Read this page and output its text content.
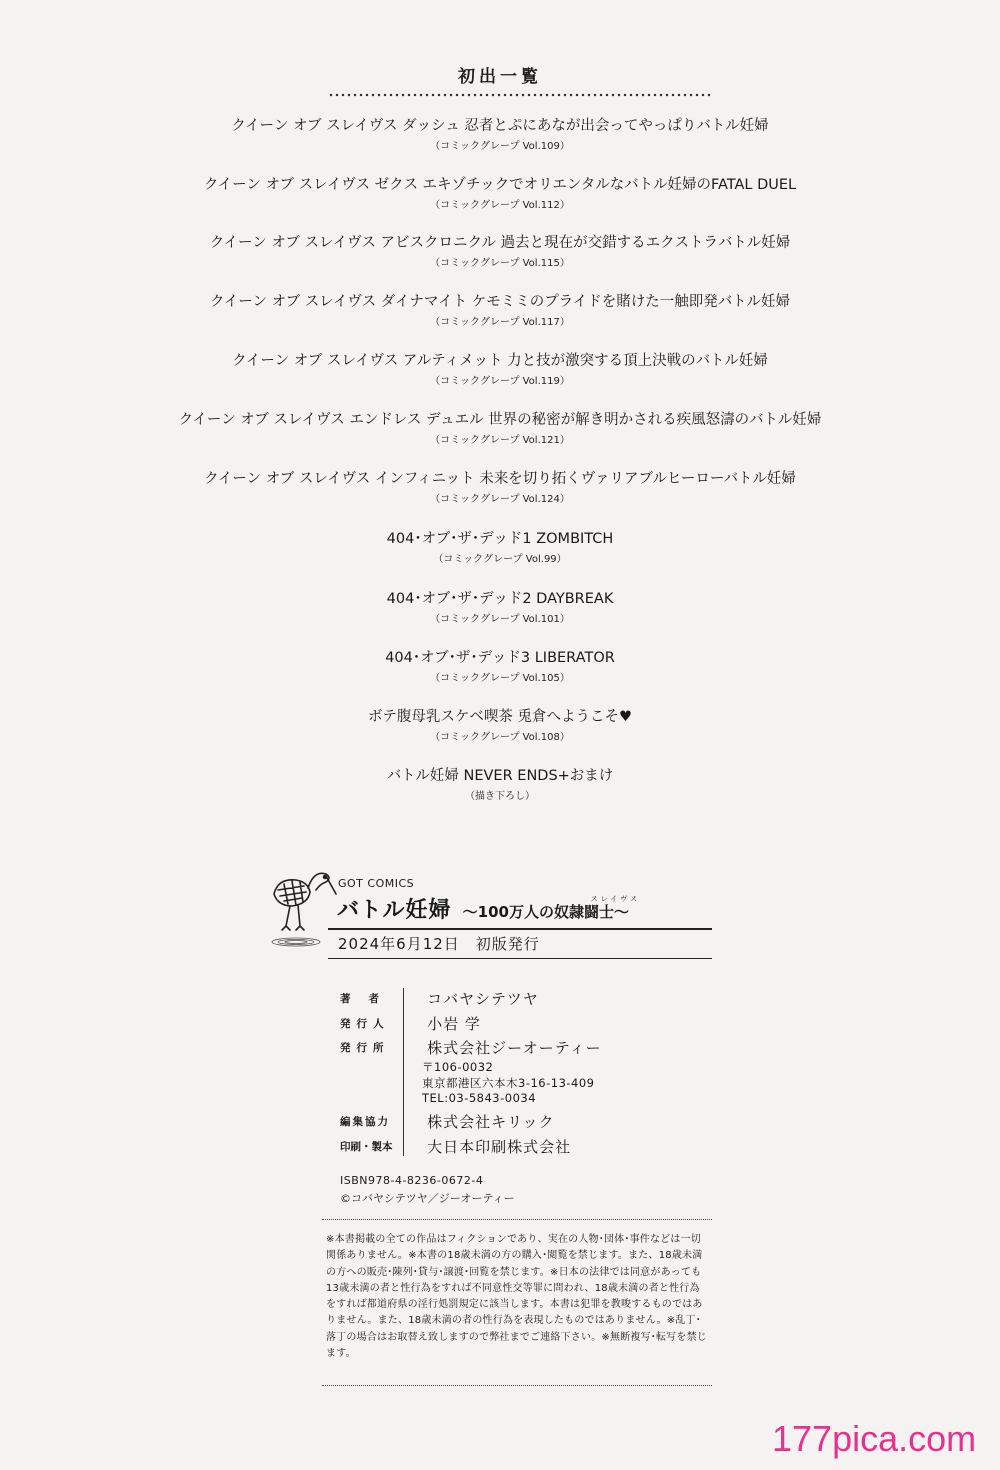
初出一覧
クイーン オブ スレイヴス ダッシュ 忍者とぷにあなが出会ってやっぱりバトル妊婦
（コミックグレープ Vol.109）
クイーン オブ スレイヴス ゼクス エキゾチックでオリエンタルなバトル妊婦のFATAL DUEL
（コミックグレープ Vol.112）
クイーン オブ スレイヴス アビスクロニクル 過去と現在が交錯するエクストラバトル妊婦
（コミックグレープ Vol.115）
クイーン オブ スレイヴス ダイナマイト ケモミミのプライドを賭けた一触即発バトル妊婦
（コミックグレープ Vol.117）
クイーン オブ スレイヴス アルティメット 力と技が激突する頂上決戦のバトル妊婦
（コミックグレープ Vol.119）
クイーン オブ スレイヴス エンドレス デュエル 世界の秘密が解き明かされる疾風怒濤のバトル妊婦
（コミックグレープ Vol.121）
クイーン オブ スレイヴス インフィニット 未来を切り拓くヴァリアブルヒーローバトル妊婦
（コミックグレープ Vol.124）
404･オブ･ザ･デッド1 ZOMBITCH
（コミックグレープ Vol.99）
404･オブ･ザ･デッド2 DAYBREAK
（コミックグレープ Vol.101）
404･オブ･ザ･デッド3 LIBERATOR
（コミックグレープ Vol.105）
ボテ腹母乳スケベ喫茶 兎倉へようこそ♥
（コミックグレープ Vol.108）
バトル妊婦 NEVER ENDS+おまけ
（描き下ろし）
GOT COMICS
バトル妊婦	スレイヴス
～100万人の奴隷闘士～
2024年6月12日　初版発行
著者 コバヤシテツヤ
発行人	小岩 学
発行所	株式会社ジーオーティー
〒106-0032
東京都港区六本木3-16-13-409
TEL:03-5843-0034
編集協力 株式会社キリック
印刷・製本 大日本印刷株式会社
ISBN978-4-8236-0672-4
©コバヤシテツヤ／ジーオーティー
※本書掲載の全ての作品はフィクションであり、実在の人物･団体･事件などは一切関係ありません。※本書の18歳未満の方の購入･閲覧を禁じます。また、18歳未満の方への販売･陳列･貸与･譲渡･回覧を禁じます。※日本の法律では同意があっても13歳未満の者と性行為をすれば不同意性交等罪に問われ、18歳未満の者と性行為をすれば都道府県の淫行処罰規定に該当します。本書は犯罪を教唆するものではありません。また、18歳未満の者の性行為を表現したものではありません。※乱丁･落丁の場合はお取替え致しますので弊社までご連絡下さい。※無断複写･転写を禁じます。
177pica.com
